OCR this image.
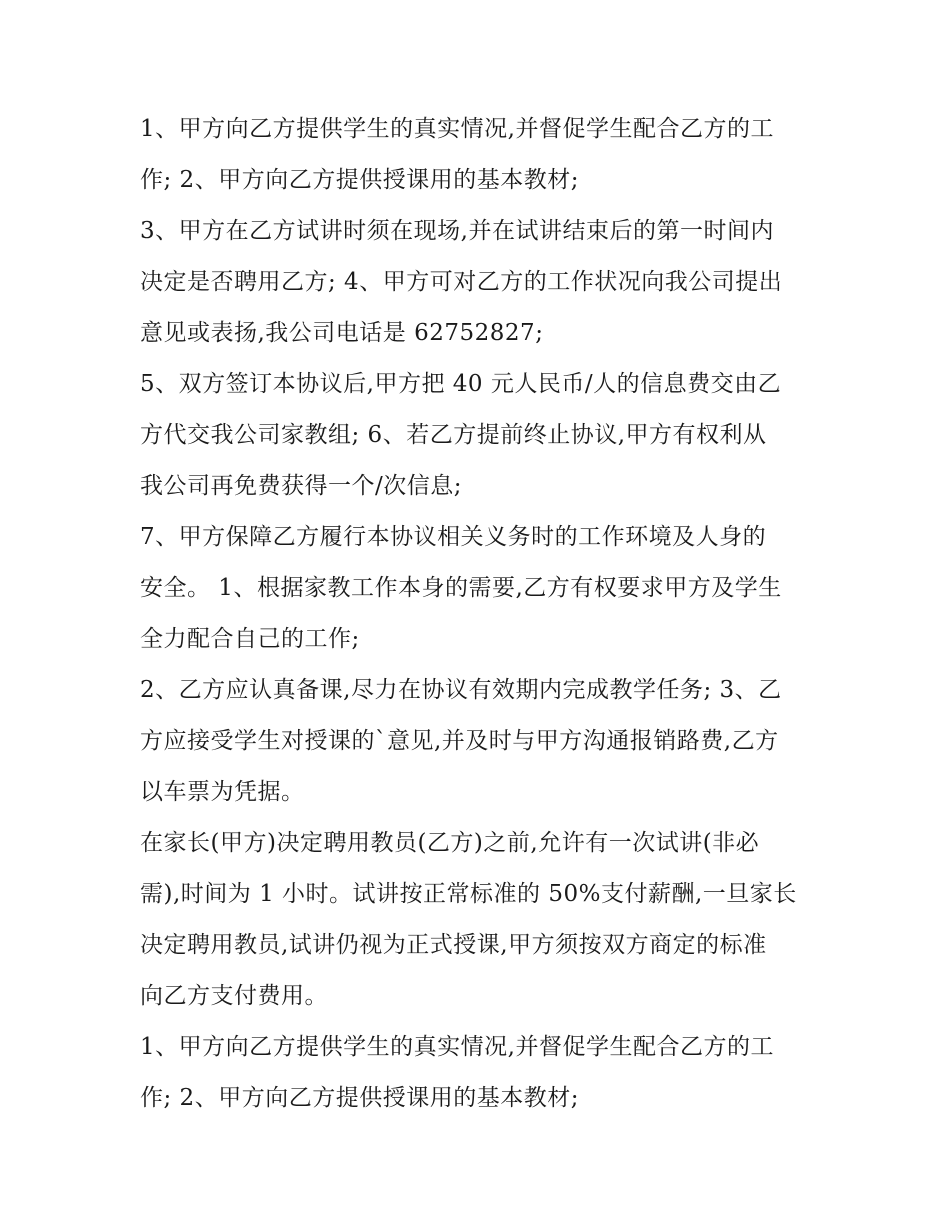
1、甲方向乙方提供学生的真实情况,并督促学生配合乙方的工
作; 2、甲方向乙方提供授课用的基本教材;

3、甲方在乙方试讲时须在现场,并在试讲结束后的第一时间内
决定是否聘用乙方; 4、甲方可对乙方的工作状况向我公司提出
意见或表扬,我公司电话是 62752827;

5、双方签订本协议后,甲方把 40 元人民币/人的信息费交由乙
方代交我公司家教组; 6、若乙方提前终止协议,甲方有权利从
我公司再免费获得一个/次信息;

7、甲方保障乙方履行本协议相关义务时的工作环境及人身的
安全。 1、根据家教工作本身的需要,乙方有权要求甲方及学生
全力配合自己的工作;

2、乙方应认真备课,尽力在协议有效期内完成教学任务; 3、乙
方应接受学生对授课的`意见,并及时与甲方沟通报销路费,乙方
以车票为凭据。

在家长(甲方)决定聘用教员(乙方)之前,允许有一次试讲(非必
需),时间为 1 小时。试讲按正常标准的 50%支付薪酬,一旦家长
决定聘用教员,试讲仍视为正式授课,甲方须按双方商定的标准
向乙方支付费用。

1、甲方向乙方提供学生的真实情况,并督促学生配合乙方的工
作; 2、甲方向乙方提供授课用的基本教材;
